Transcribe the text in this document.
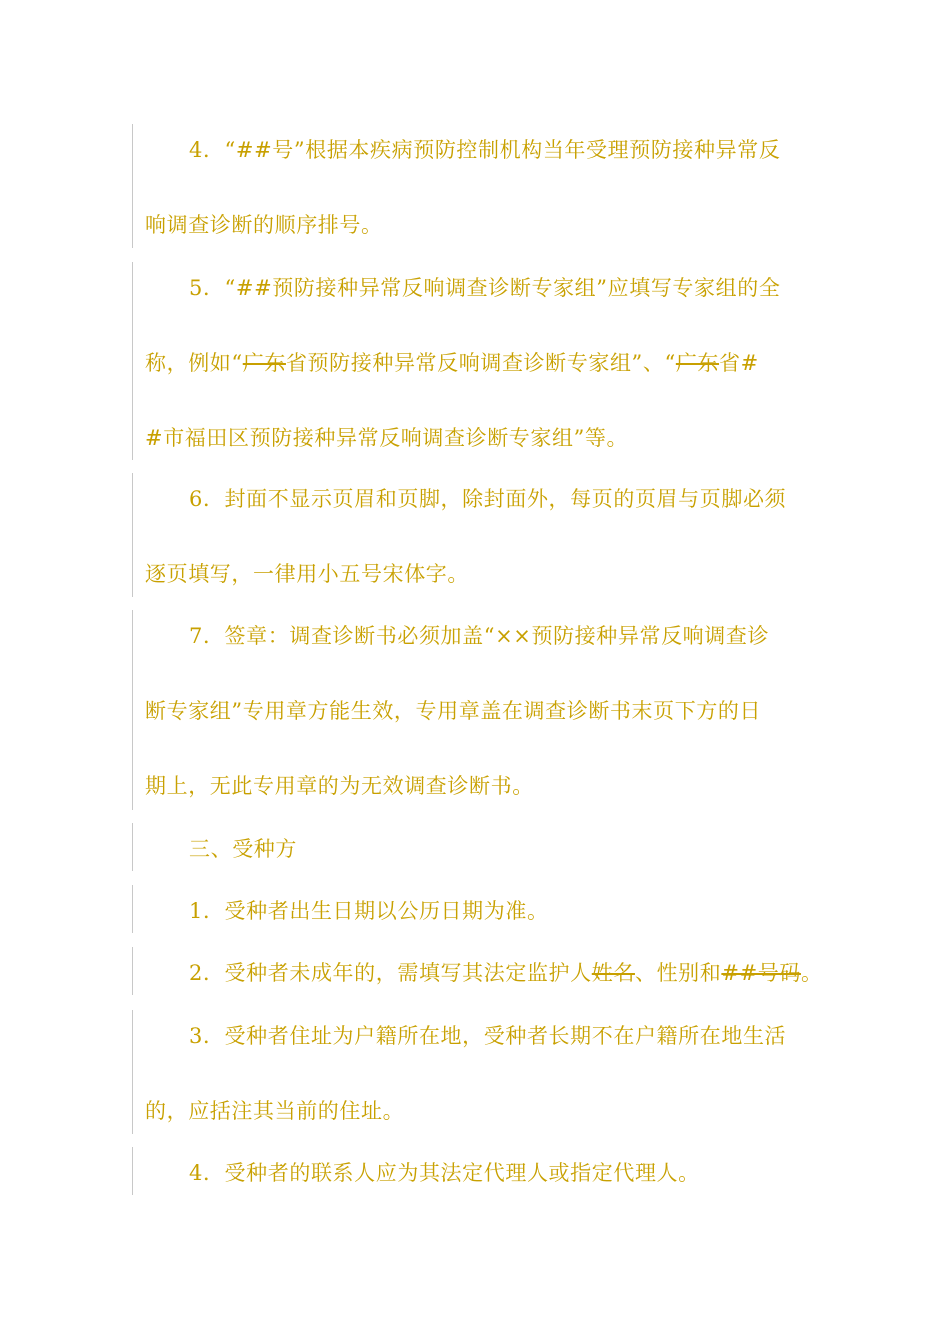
4．“##号”根据本疾病预防控制机构当年受理预防接种异常反
响调查诊断的顺序排号。
5．“##预防接种异常反响调查诊断专家组”应填写专家组的全
称，例如“广东省预防接种异常反响调查诊断专家组”、“广东省#
#市福田区预防接种异常反响调查诊断专家组”等。
6．封面不显示页眉和页脚，除封面外，每页的页眉与页脚必须
逐页填写，一律用小五号宋体字。
7．签章：调查诊断书必须加盖“××预防接种异常反响调查诊
断专家组”专用章方能生效，专用章盖在调查诊断书末页下方的日
期上，无此专用章的为无效调查诊断书。
三、受种方
1．受种者出生日期以公历日期为准。
2．受种者未成年的，需填写其法定监护人姓名、性别和##号码。
3．受种者住址为户籍所在地，受种者长期不在户籍所在地生活
的，应括注其当前的住址。
4．受种者的联系人应为其法定代理人或指定代理人。
